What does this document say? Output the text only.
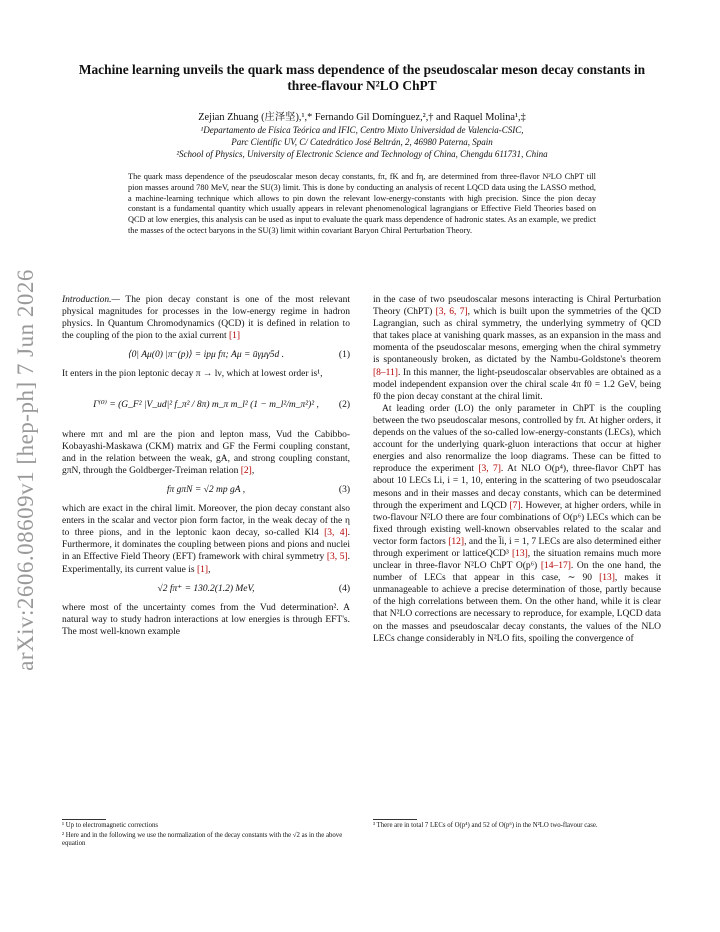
arXiv:2606.08609v1 [hep-ph] 7 Jun 2026
Machine learning unveils the quark mass dependence of the pseudoscalar meson decay constants in three-flavour N²LO ChPT
Zejian Zhuang (庄泽坚),¹,* Fernando Gil Domínguez,²,† and Raquel Molina¹,‡

¹Departamento de Física Teórica and IFIC, Centro Mixto Universidad de Valencia-CSIC,

Parc Científic UV, C/ Catedrático José Beltrán, 2, 46980 Paterna, Spain

²School of Physics, University of Electronic Science and Technology of China, Chengdu 611731, China

The quark mass dependence of the pseudoscalar meson decay constants, fπ, fK and fη, are determined from three-flavor N²LO ChPT till pion masses around 780 MeV, near the SU(3) limit. This is done by conducting an analysis of recent LQCD data using the LASSO method, a machine-learning technique which allows to pin down the relevant low-energy-constants with high precision. Since the pion decay constant is a fundamental quantity which usually appears in relevant phenomenological lagrangians or Effective Field Theories based on QCD at low energies, this analysis can be used as input to evaluate the quark mass dependence of hadronic states. As an example, we predict the masses of the octect baryons in the SU(3) limit within covariant Baryon Chiral Perturbation Theory.

Introduction.— The pion decay constant is one of the most relevant physical magnitudes for processes in the low-energy regime in hadron physics. In Quantum Chromodynamics (QCD) it is defined in relation to the coupling of the pion to the axial current [1]

⟨0| Aμ(0) |π⁻(p)⟩ = ipμ fπ; Aμ = ūγμγ5d .	(1)

It enters in the pion leptonic decay π → lν, which at lowest order is¹,

Γ⁽⁰⁾ = (G_F² |V_ud|² f_π² / 8π) m_π m_l² (1 − m_l²/m_π²)² , (2)

where mπ and ml are the pion and lepton mass, Vud the Cabibbo-Kobayashi-Maskawa (CKM) matrix and GF the Fermi coupling constant, and in the relation between the weak, gA, and strong coupling constant, gπN, through the Goldberger-Treiman relation [2],

fπ gπN = √2 mp gA ,	(3)

which are exact in the chiral limit. Moreover, the pion decay constant also enters in the scalar and vector pion form factor, in the weak decay of the η to three pions, and in the leptonic kaon decay, so-called Kl4 [3, 4]. Furthermore, it dominates the coupling between pions and pions and nuclei in an Effective Field Theory (EFT) framework with chiral symmetry [3, 5]. Experimentally, its current value is [1],

√2 fπ⁺ = 130.2(1.2) MeV,	(4)

where most of the uncertainty comes from the Vud determination². A natural way to study hadron interactions at low energies is through EFT's. The most well-known example

in the case of two pseudoscalar mesons interacting is Chiral Perturbation Theory (ChPT) [3, 6, 7], which is built upon the symmetries of the QCD Lagrangian, such as chiral symmetry, the underlying symmetry of QCD that takes place at vanishing quark masses, as an expansion in the mass and momenta of the pseudoscalar mesons, emerging when the chiral symmetry is spontaneously broken, as dictated by the Nambu-Goldstone's theorem [8–11]. In this manner, the light-pseudoscalar observables are obtained as a model independent expansion over the chiral scale 4π f0 = 1.2 GeV, being f0 the pion decay constant at the chiral limit.

At leading order (LO) the only parameter in ChPT is the coupling between the two pseudoscalar mesons, controlled by fπ. At higher orders, it depends on the values of the so-called low-energy-constants (LECs), which account for the underlying quark-gluon interactions that occur at higher energies and also renormalize the loop diagrams. These can be fitted to reproduce the experiment [3, 7]. At NLO O(p⁴), three-flavor ChPT has about 10 LECs Li, i = 1, 10, entering in the scattering of two pseudoscalar mesons and in their masses and decay constants, which can be determined through the experiment and LQCD [7]. However, at higher orders, while in two-flavour N²LO there are four combinations of O(p⁶) LECs which can be fixed through existing well-known observables related to the scalar and vector form factors [12], and the l̄i, i = 1, 7 LECs are also determined either through experiment or latticeQCD³ [13], the situation remains much more unclear in three-flavor N²LO ChPT O(p⁶) [14–17]. On the one hand, the number of LECs that appear in this case, ∼ 90 [13], makes it unmanageable to achieve a precise determination of those, partly because of the high correlations between them. On the other hand, while it is clear that N²LO corrections are necessary to reproduce, for example, LQCD data on the masses and pseudoscalar decay constants, the values of the NLO LECs change considerably in N²LO fits, spoiling the convergence of

¹ Up to electromagnetic corrections

² Here and in the following we use the normalization of the decay constants with the √2 as in the above equation

³ There are in total 7 LECs of O(p⁴) and 52 of O(p⁶) in the N²LO two-flavour case.
